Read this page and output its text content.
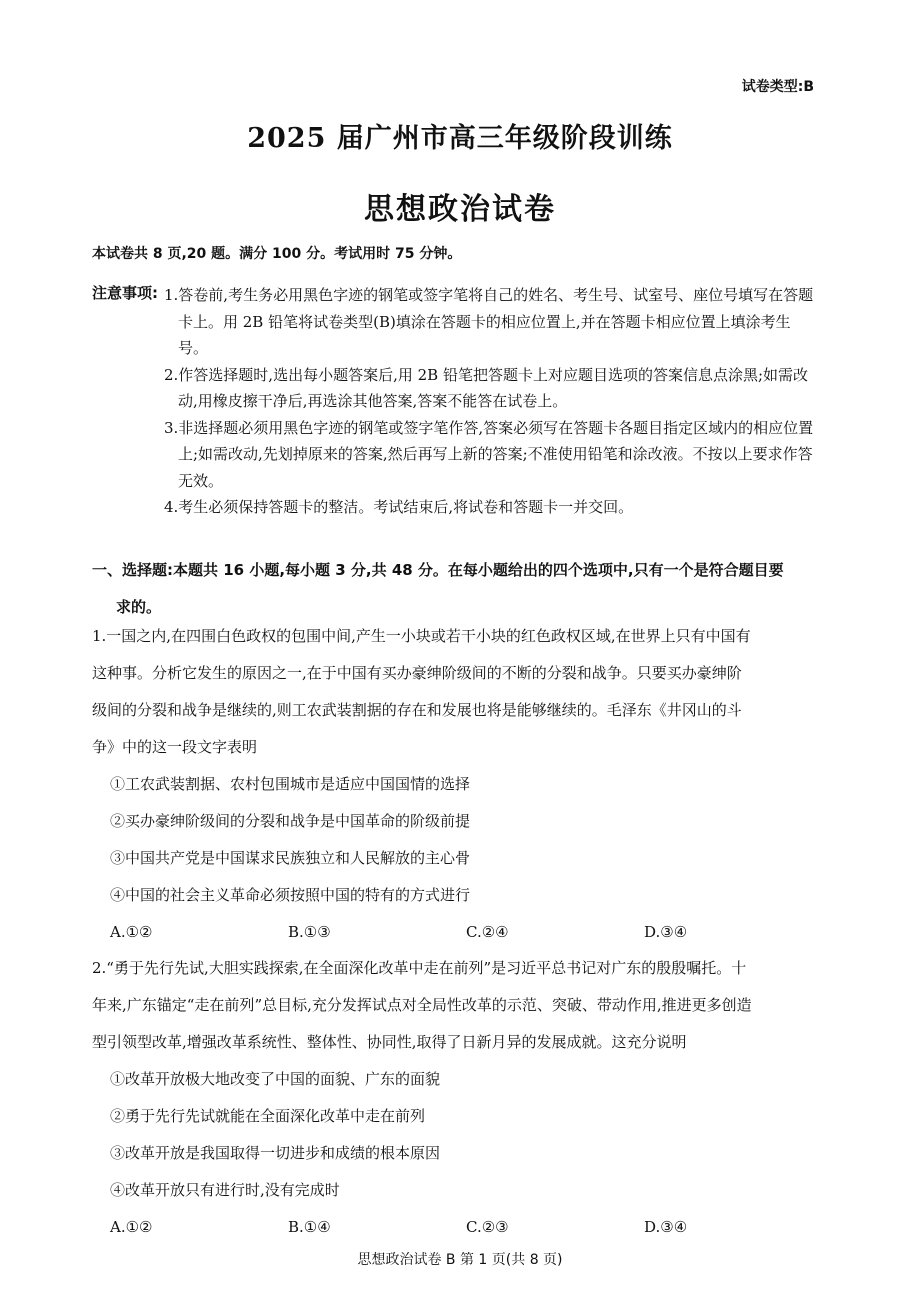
试卷类型:B
2025 届广州市高三年级阶段训练
思想政治试卷
本试卷共 8 页,20 题。满分 100 分。考试用时 75 分钟。
注意事项: 1.答卷前,考生务必用黑色字迹的钢笔或签字笔将自己的姓名、考生号、试室号、座位号填写在答题卡上。用 2B 铅笔将试卷类型(B)填涂在答题卡的相应位置上,并在答题卡相应位置上填涂考生号。
2.作答选择题时,选出每小题答案后,用 2B 铅笔把答题卡上对应题目选项的答案信息点涂黑;如需改动,用橡皮擦干净后,再选涂其他答案,答案不能答在试卷上。
3.非选择题必须用黑色字迹的钢笔或签字笔作答,答案必须写在答题卡各题目指定区域内的相应位置上;如需改动,先划掉原来的答案,然后再写上新的答案;不准使用铅笔和涂改液。不按以上要求作答无效。
4.考生必须保持答题卡的整洁。考试结束后,将试卷和答题卡一并交回。
一、选择题:本题共 16 小题,每小题 3 分,共 48 分。在每小题给出的四个选项中,只有一个是符合题目要
求的。

1.一国之内,在四围白色政权的包围中间,产生一小块或若干小块的红色政权区域,在世界上只有中国有

这种事。分析它发生的原因之一,在于中国有买办豪绅阶级间的不断的分裂和战争。只要买办豪绅阶

级间的分裂和战争是继续的,则工农武装割据的存在和发展也将是能够继续的。毛泽东《井冈山的斗

争》中的这一段文字表明

①工农武装割据、农村包围城市是适应中国国情的选择

②买办豪绅阶级间的分裂和战争是中国革命的阶级前提

③中国共产党是中国谋求民族独立和人民解放的主心骨

④中国的社会主义革命必须按照中国的特有的方式进行

A.①②	B.①③	C.②④	D.③④

2.“勇于先行先试,大胆实践探索,在全面深化改革中走在前列”是习近平总书记对广东的殷殷嘱托。十

年来,广东锚定“走在前列”总目标,充分发挥试点对全局性改革的示范、突破、带动作用,推进更多创造

型引领型改革,增强改革系统性、整体性、协同性,取得了日新月异的发展成就。这充分说明

①改革开放极大地改变了中国的面貌、广东的面貌

②勇于先行先试就能在全面深化改革中走在前列

③改革开放是我国取得一切进步和成绩的根本原因

④改革开放只有进行时,没有完成时

A.①②	B.①④	C.②③	D.③④
思想政治试卷 B 第 1 页(共 8 页)
